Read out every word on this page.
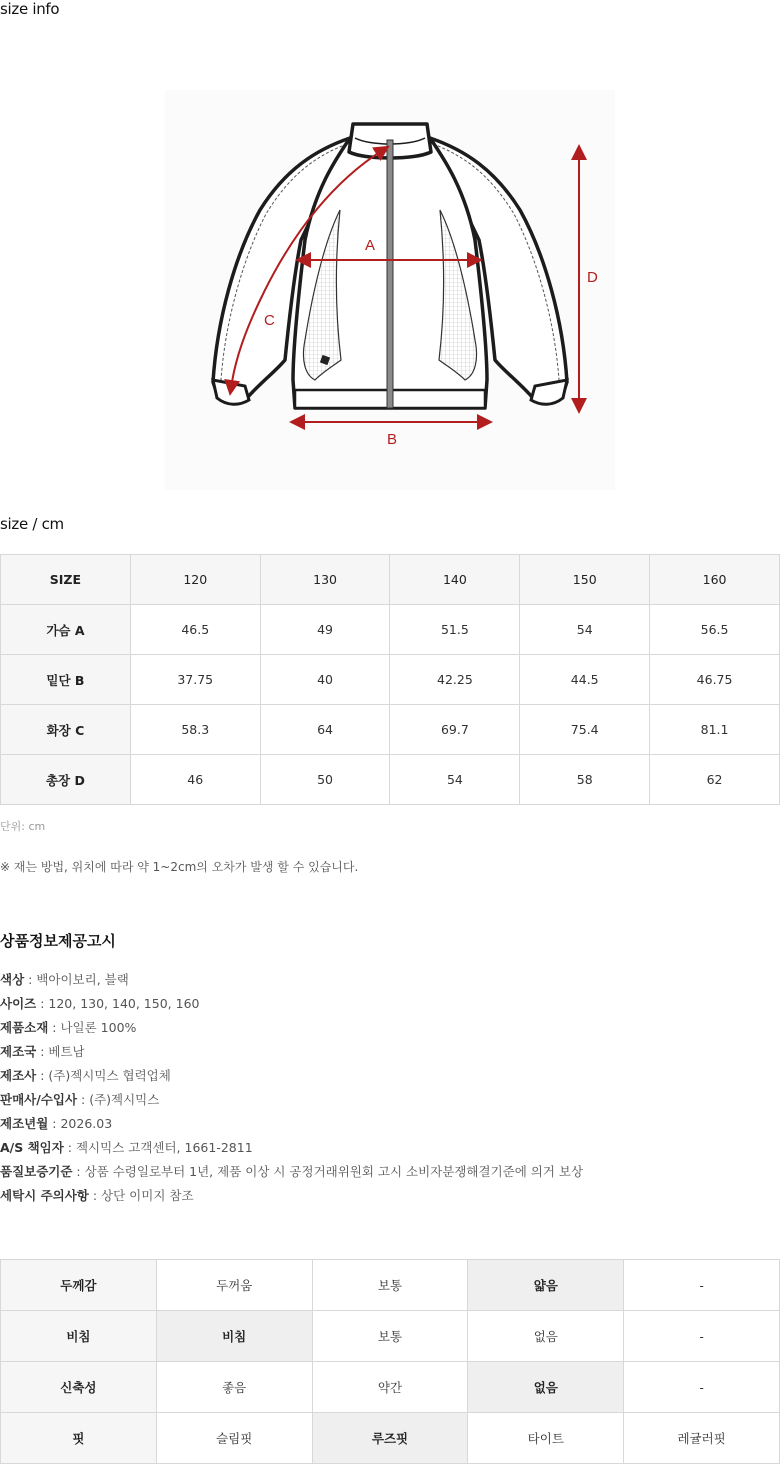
size info
A
B
C
D
size / cm
SIZE	120	130	140	150	160
가슴 A	46.5	49	51.5	54	56.5
밑단 B	37.75	40	42.25	44.5	46.75
화장 C	58.3	64	69.7	75.4	81.1
총장 D	46	50	54	58	62
단위: cm
※ 재는 방법, 위치에 따라 약 1~2cm의 오차가 발생 할 수 있습니다.
상품정보제공고시
색상 : 백아이보리, 블랙
사이즈 : 120, 130, 140, 150, 160
제품소재 : 나일론 100%
제조국 : 베트남
제조사 : (주)젝시믹스 협력업체
판매사/수입사 : (주)젝시믹스
제조년월 : 2026.03
A/S 책임자 : 젝시믹스 고객센터, 1661-2811
품질보증기준 : 상품 수령일로부터 1년, 제품 이상 시 공정거래위원회 고시 소비자분쟁해결기준에 의거 보상
세탁시 주의사항 : 상단 이미지 참조
두께감	두꺼움	보통	얇음	-
비침	비침	보통	없음	-
신축성	좋음	약간	없음	-
핏	슬림핏	루즈핏	타이트	레귤러핏
